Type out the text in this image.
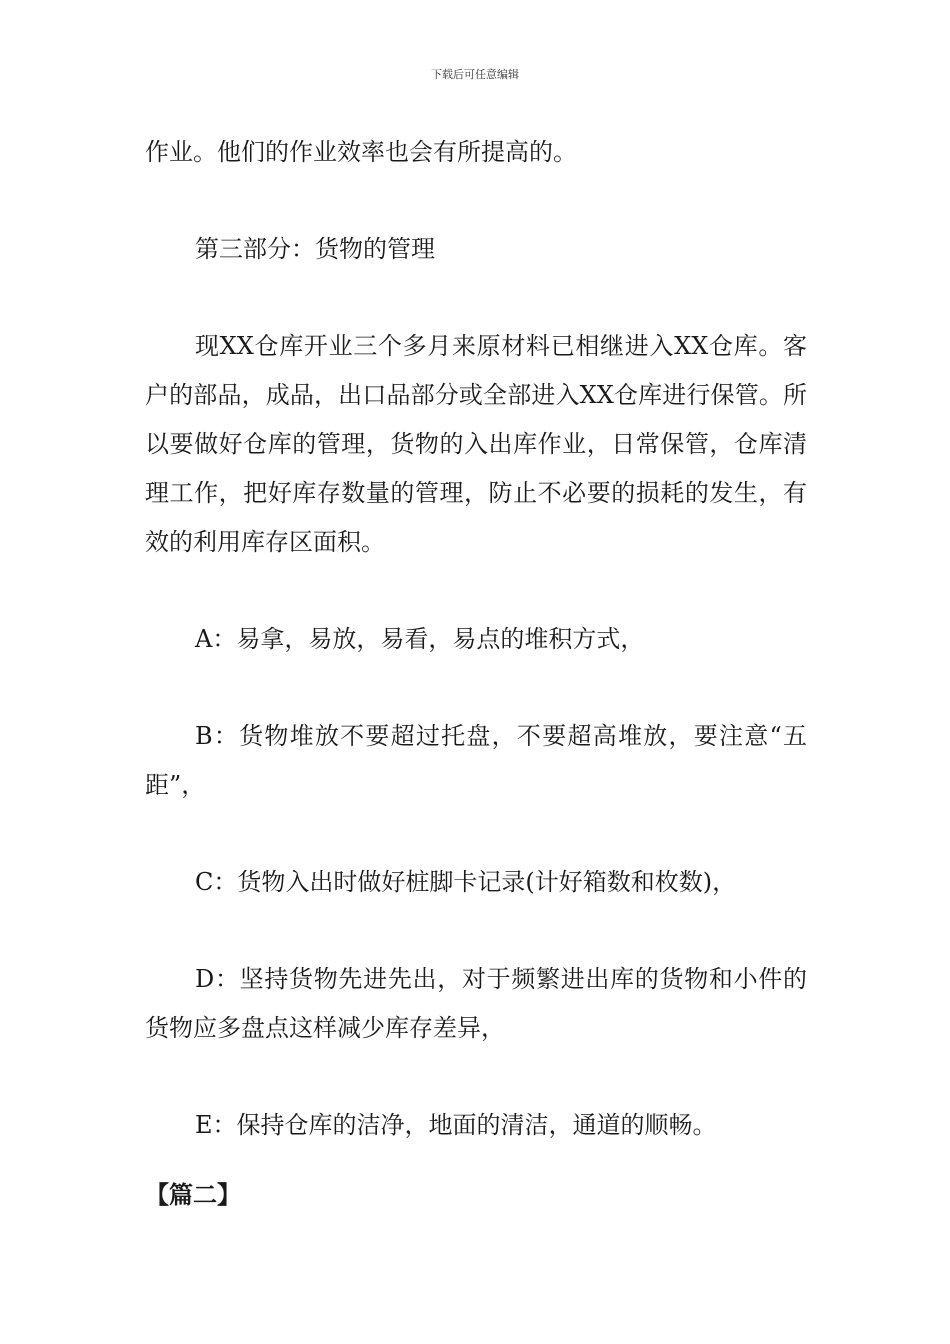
下载后可任意编辑

作业。他们的作业效率也会有所提高的。

第三部分：货物的管理

现XX仓库开业三个多月来原材料已相继进入XX仓库。客户的部品，成品，出口品部分或全部进入XX仓库进行保管。所以要做好仓库的管理，货物的入出库作业，日常保管，仓库清理工作，把好库存数量的管理，防止不必要的损耗的发生，有效的利用库存区面积。

A：易拿，易放，易看，易点的堆积方式，

B：货物堆放不要超过托盘，不要超高堆放，要注意“五距”，

C：货物入出时做好桩脚卡记录(计好箱数和枚数)，

D：坚持货物先进先出，对于频繁进出库的货物和小件的货物应多盘点这样减少库存差异，

E：保持仓库的洁净，地面的清洁，通道的顺畅。

【篇二】
